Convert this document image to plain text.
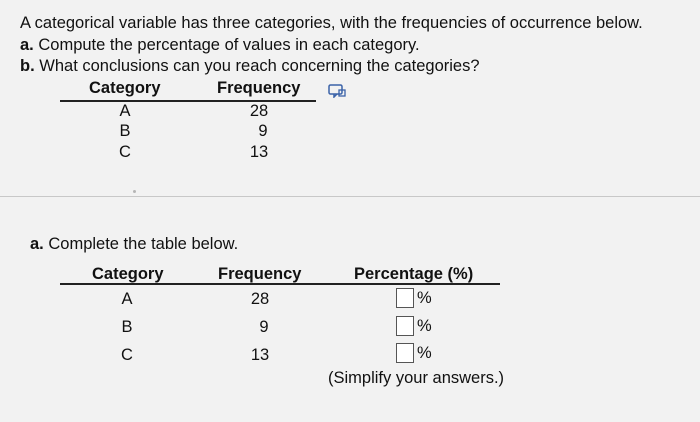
A categorical variable has three categories, with the frequencies of occurrence below.
a. Compute the percentage of values in each category.
b. What conclusions can you reach concerning the categories?
Category	Frequency
A	28
B	9
C	13
a. Complete the table below.
Category	Frequency	Percentage (%)
A	28	%
B	9	%
C	13	%
(Simplify your answers.)
